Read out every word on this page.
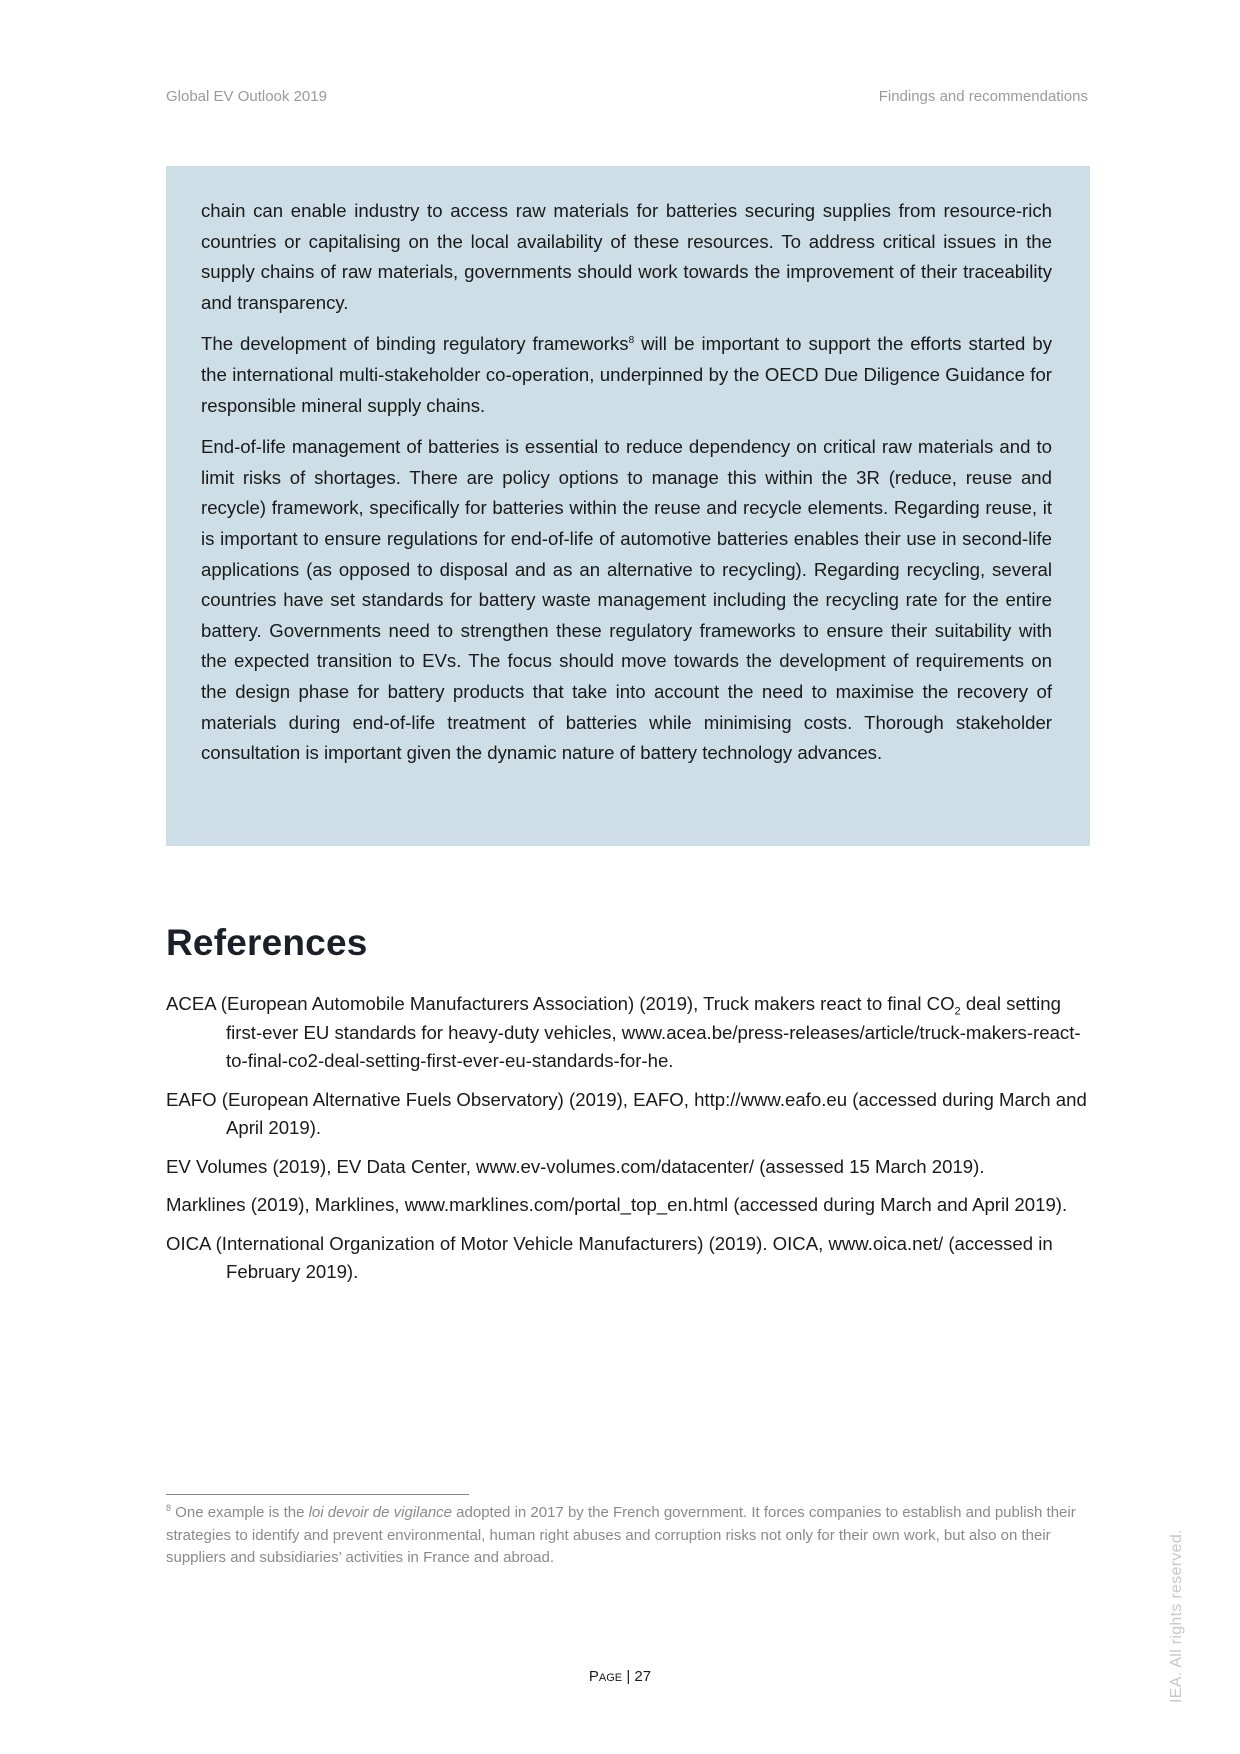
Global EV Outlook 2019	Findings and recommendations

chain can enable industry to access raw materials for batteries securing supplies from resource-rich countries or capitalising on the local availability of these resources. To address critical issues in the supply chains of raw materials, governments should work towards the improvement of their traceability and transparency.

The development of binding regulatory frameworks$^8$ will be important to support the efforts started by the international multi-stakeholder co-operation, underpinned by the OECD Due Diligence Guidance for responsible mineral supply chains.

End-of-life management of batteries is essential to reduce dependency on critical raw materials and to limit risks of shortages. There are policy options to manage this within the 3R (reduce, reuse and recycle) framework, specifically for batteries within the reuse and recycle elements. Regarding reuse, it is important to ensure regulations for end-of-life of automotive batteries enables their use in second-life applications (as opposed to disposal and as an alternative to recycling). Regarding recycling, several countries have set standards for battery waste management including the recycling rate for the entire battery. Governments need to strengthen these regulatory frameworks to ensure their suitability with the expected transition to EVs. The focus should move towards the development of requirements on the design phase for battery products that take into account the need to maximise the recovery of materials during end-of-life treatment of batteries while minimising costs. Thorough stakeholder consultation is important given the dynamic nature of battery technology advances.

References

ACEA (European Automobile Manufacturers Association) (2019), Truck makers react to final $CO_2$ deal setting first-ever EU standards for heavy-duty vehicles, www.acea.be/press-releases/article/truck-makers-react-to-final-co2-deal-setting-first-ever-eu-standards-for-he.

EAFO (European Alternative Fuels Observatory) (2019), EAFO, http://www.eafo.eu (accessed during March and April 2019).

EV Volumes (2019), EV Data Center, www.ev-volumes.com/datacenter/ (assessed 15 March 2019).

Marklines (2019), Marklines, www.marklines.com/portal_top_en.html (accessed during March and April 2019).

OICA (International Organization of Motor Vehicle Manufacturers) (2019). OICA, www.oica.net/ (accessed in February 2019).

$^8$ One example is the loi devoir de vigilance adopted in 2017 by the French government. It forces companies to establish and publish their strategies to identify and prevent environmental, human right abuses and corruption risks not only for their own work, but also on their suppliers and subsidiaries’ activities in France and abroad.
Page | 27	IEA. All rights reserved.
